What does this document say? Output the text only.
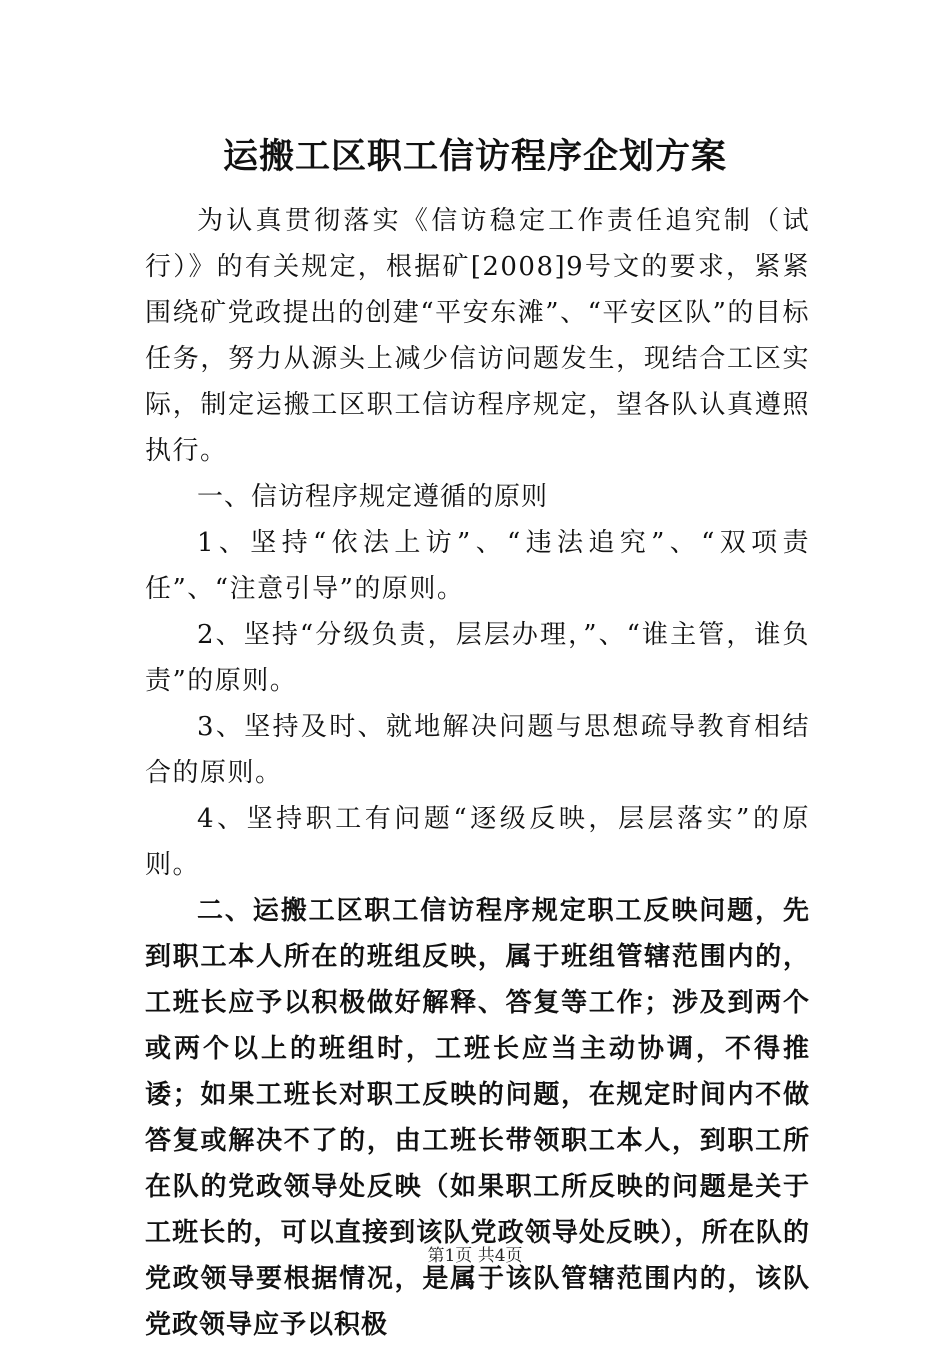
运搬工区职工信访程序企划方案

为认真贯彻落实《信访稳定工作责任追究制（试行）》的有关规定，根据矿[2008]9号文的要求，紧紧围绕矿党政提出的创建“平安东滩”、“平安区队”的目标任务，努力从源头上减少信访问题发生，现结合工区实际，制定运搬工区职工信访程序规定，望各队认真遵照执行。

一、信访程序规定遵循的原则

1、坚持“依法上访”、“违法追究”、“双项责任”、“注意引导”的原则。

2、坚持“分级负责，层层办理，”、“谁主管，谁负责”的原则。

3、坚持及时、就地解决问题与思想疏导教育相结合的原则。

4、坚持职工有问题“逐级反映，层层落实”的原则。

二、运搬工区职工信访程序规定职工反映问题，先到职工本人所在的班组反映，属于班组管辖范围内的，工班长应予以积极做好解释、答复等工作；涉及到两个或两个以上的班组时，工班长应当主动协调，不得推诿；如果工班长对职工反映的问题，在规定时间内不做答复或解决不了的，由工班长带领职工本人，到职工所在队的党政领导处反映（如果职工所反映的问题是关于工班长的，可以直接到该队党政领导处反映），所在队的党政领导要根据情况，是属于该队管辖范围内的，该队党政领导应予以积极

第1页 共4页
